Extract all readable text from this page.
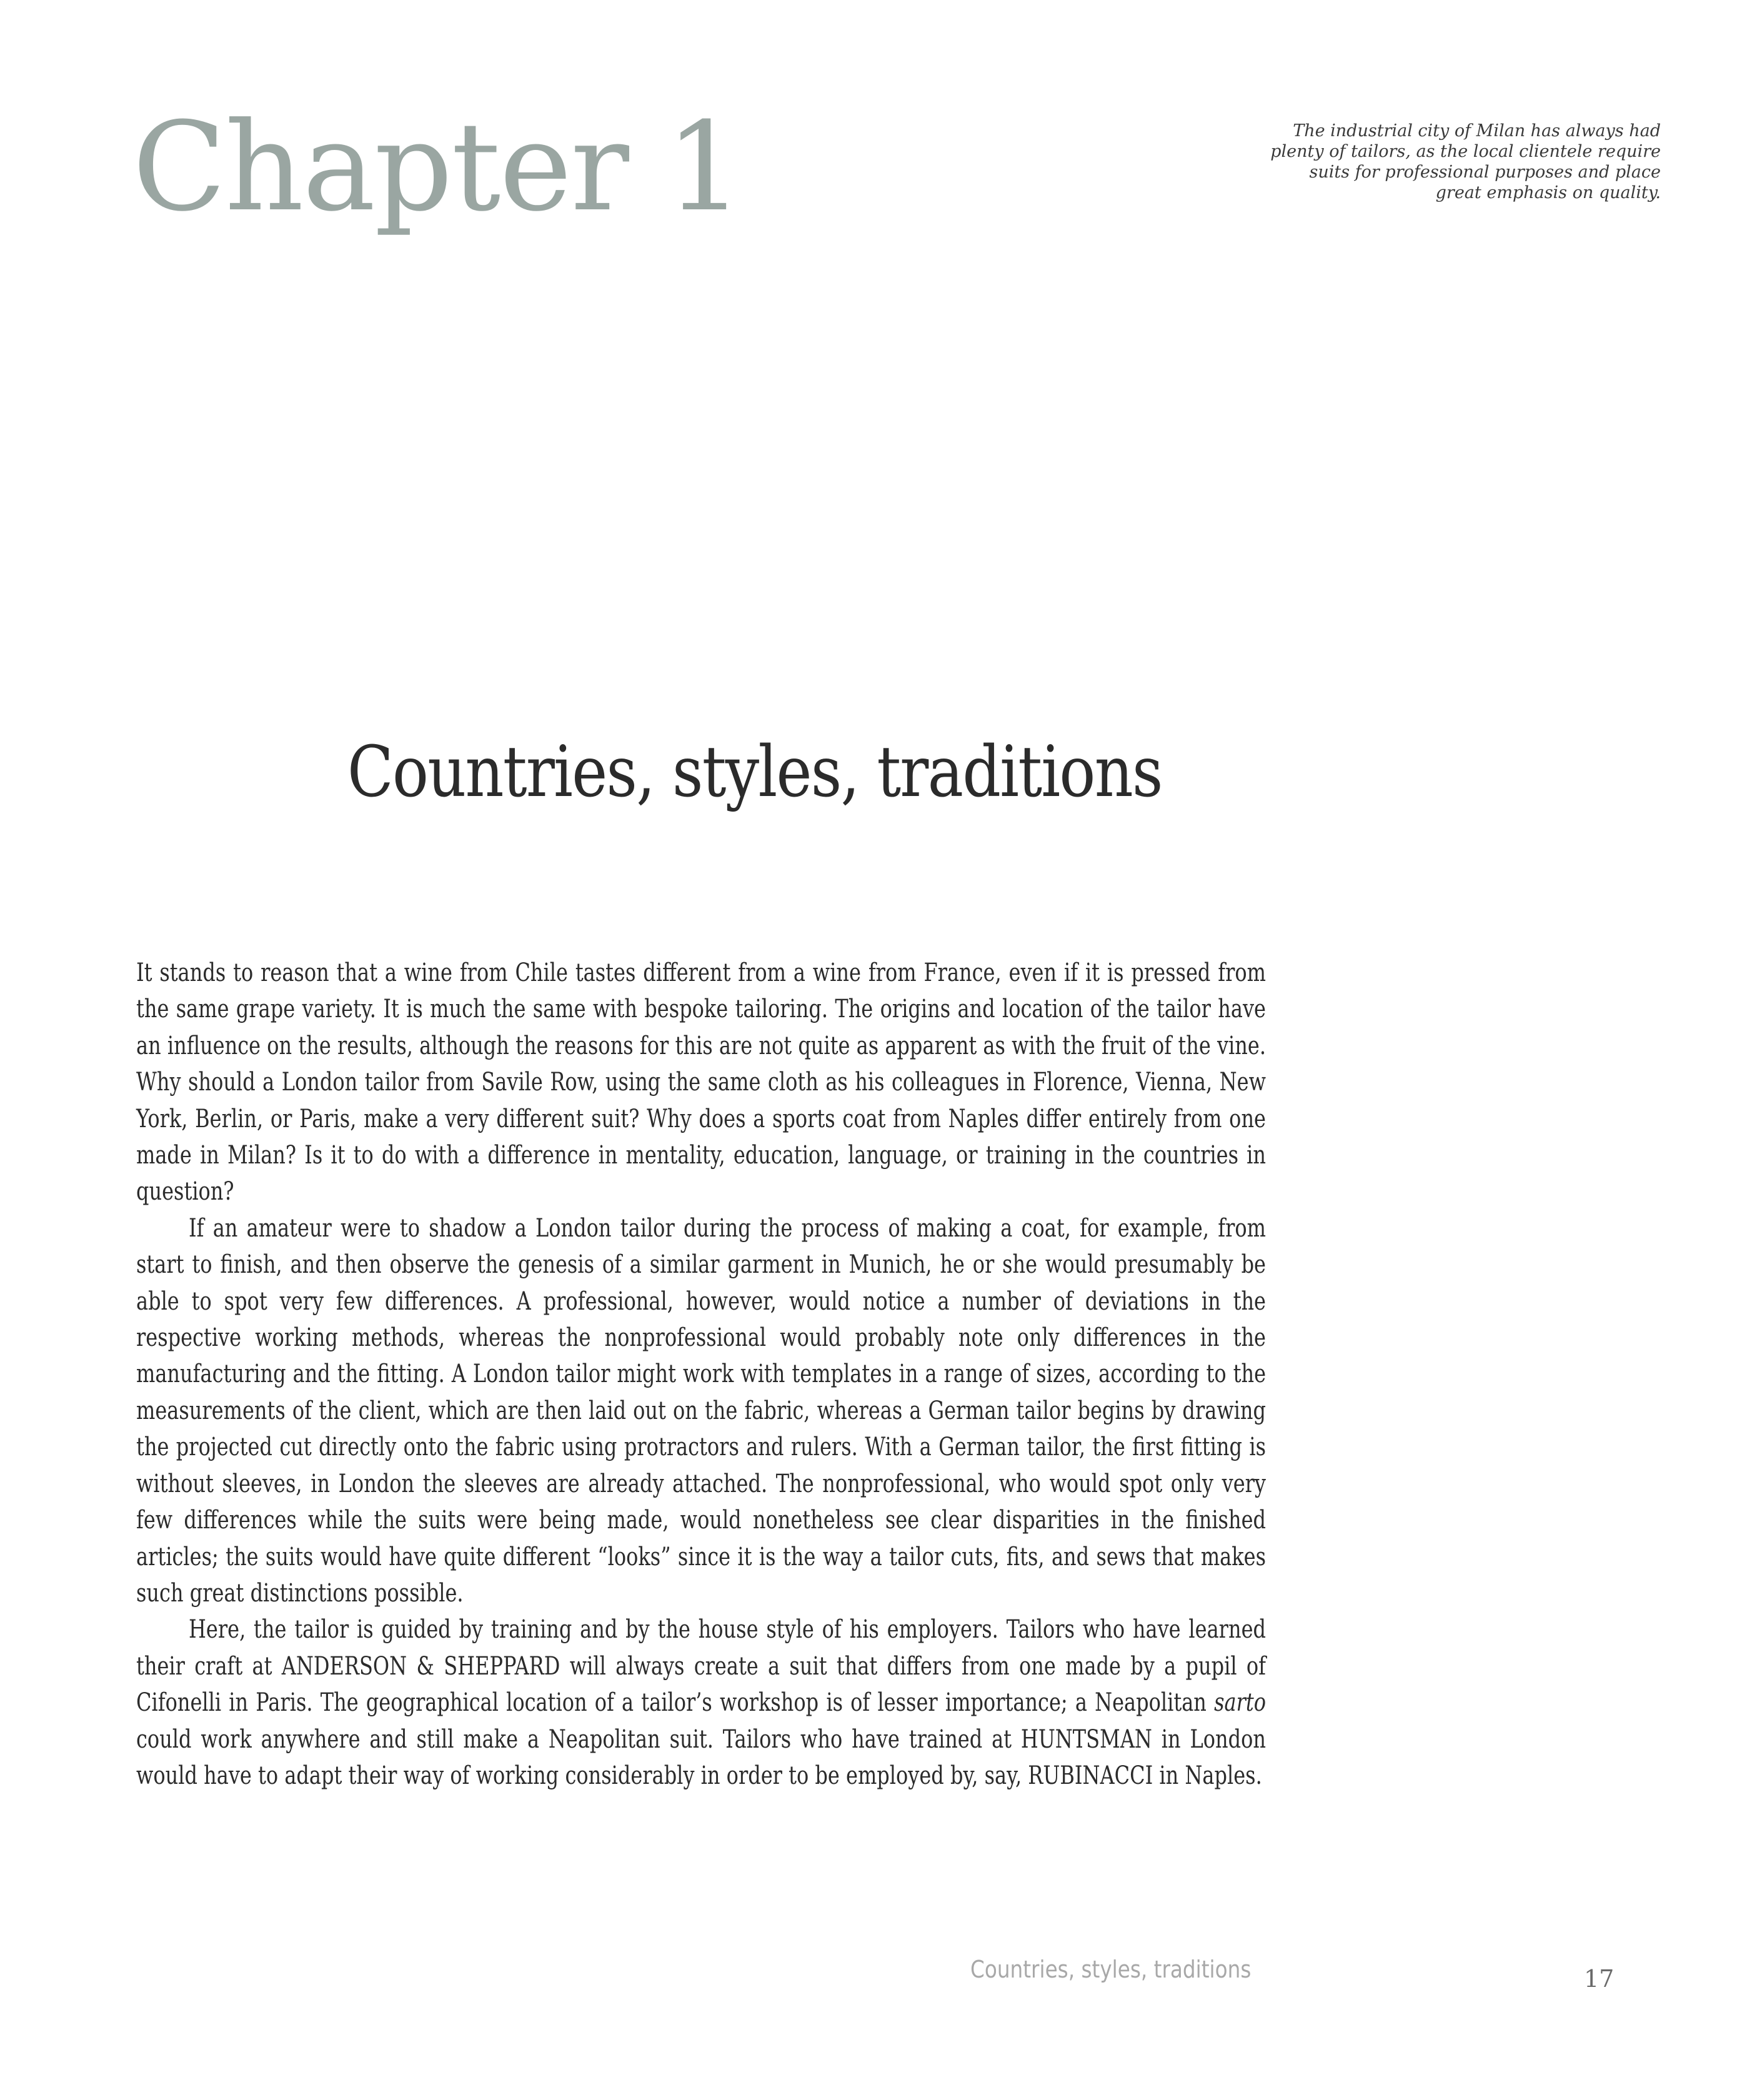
Chapter 1	The industrial city of Milan has always had plenty of tailors, as the local clientele require suits for professional purposes and place great emphasis on quality.
Countries, styles, traditions

It stands to reason that a wine from Chile tastes different from a wine from France, even if it is pressed from the same grape variety. It is much the same with bespoke tailoring. The origins and location of the tailor have an influence on the results, although the reasons for this are not quite as apparent as with the fruit of the vine. Why should a London tailor from Savile Row, using the same cloth as his colleagues in Florence, Vienna, New York, Berlin, or Paris, make a very different suit? Why does a sports coat from Naples differ entirely from one made in Milan? Is it to do with a difference in mentality, education, language, or training in the countries in question?

If an amateur were to shadow a London tailor during the process of making a coat, for example, from start to finish, and then observe the genesis of a similar garment in Munich, he or she would presumably be able to spot very few differences. A professional, however, would notice a number of deviations in the respective working methods, whereas the nonprofessional would probably note only differences in the manufacturing and the fitting. A London tailor might work with templates in a range of sizes, according to the measurements of the client, which are then laid out on the fabric, whereas a German tailor begins by drawing the projected cut directly onto the fabric using protractors and rulers. With a German tailor, the first fitting is without sleeves, in London the sleeves are already attached. The nonprofessional, who would spot only very few differences while the suits were being made, would nonetheless see clear disparities in the finished articles; the suits would have quite different “looks” since it is the way a tailor cuts, fits, and sews that makes such great distinctions possible.

Here, the tailor is guided by training and by the house style of his employers. Tailors who have learned their craft at ANDERSON & SHEPPARD will always create a suit that differs from one made by a pupil of Cifonelli in Paris. The geographical location of a tailor’s workshop is of lesser importance; a Neapolitan sarto could work anywhere and still make a Neapolitan suit. Tailors who have trained at HUNTSMAN in London would have to adapt their way of working considerably in order to be employed by, say, RUBINACCI in Naples.

Countries, styles, traditions	17
